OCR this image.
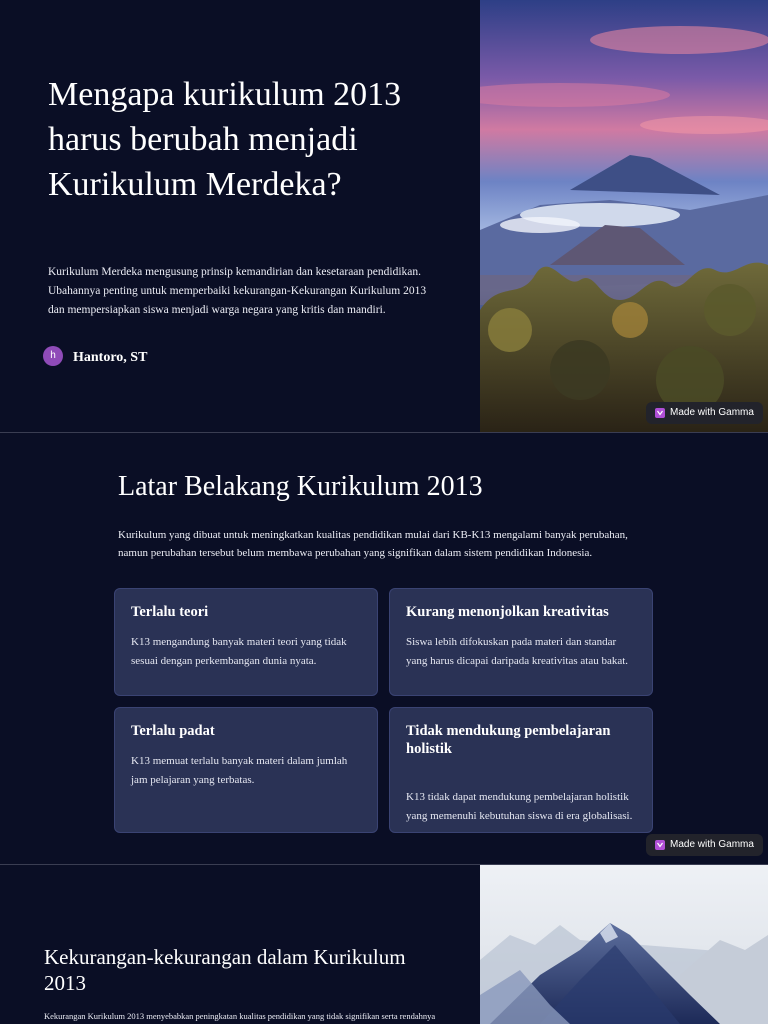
Mengapa kurikulum 2013 harus berubah menjadi Kurikulum Merdeka?

Kurikulum Merdeka mengusung prinsip kemandirian dan kesetaraan pendidikan. Ubahannya penting untuk memperbaiki kekurangan-Kekurangan Kurikulum 2013 dan mempersiapkan siswa menjadi warga negara yang kritis dan mandiri.

h	Hantoro, ST
Made with Gamma
Latar Belakang Kurikulum 2013

Kurikulum yang dibuat untuk meningkatkan kualitas pendidikan mulai dari KB-K13 mengalami banyak perubahan, namun perubahan tersebut belum membawa perubahan yang signifikan dalam sistem pendidikan Indonesia.

Terlalu teori

K13 mengandung banyak materi teori yang tidak sesuai dengan perkembangan dunia nyata.

Kurang menonjolkan kreativitas

Siswa lebih difokuskan pada materi dan standar yang harus dicapai daripada kreativitas atau bakat.

Terlalu padat

K13 memuat terlalu banyak materi dalam jumlah jam pelajaran yang terbatas.

Tidak mendukung pembelajaran holistik

K13 tidak dapat mendukung pembelajaran holistik yang memenuhi kebutuhan siswa di era globalisasi.

Made with Gamma
Kekurangan-kekurangan dalam Kurikulum 2013

Kekurangan Kurikulum 2013 menyebabkan peningkatan kualitas pendidikan yang tidak signifikan serta rendahnya
